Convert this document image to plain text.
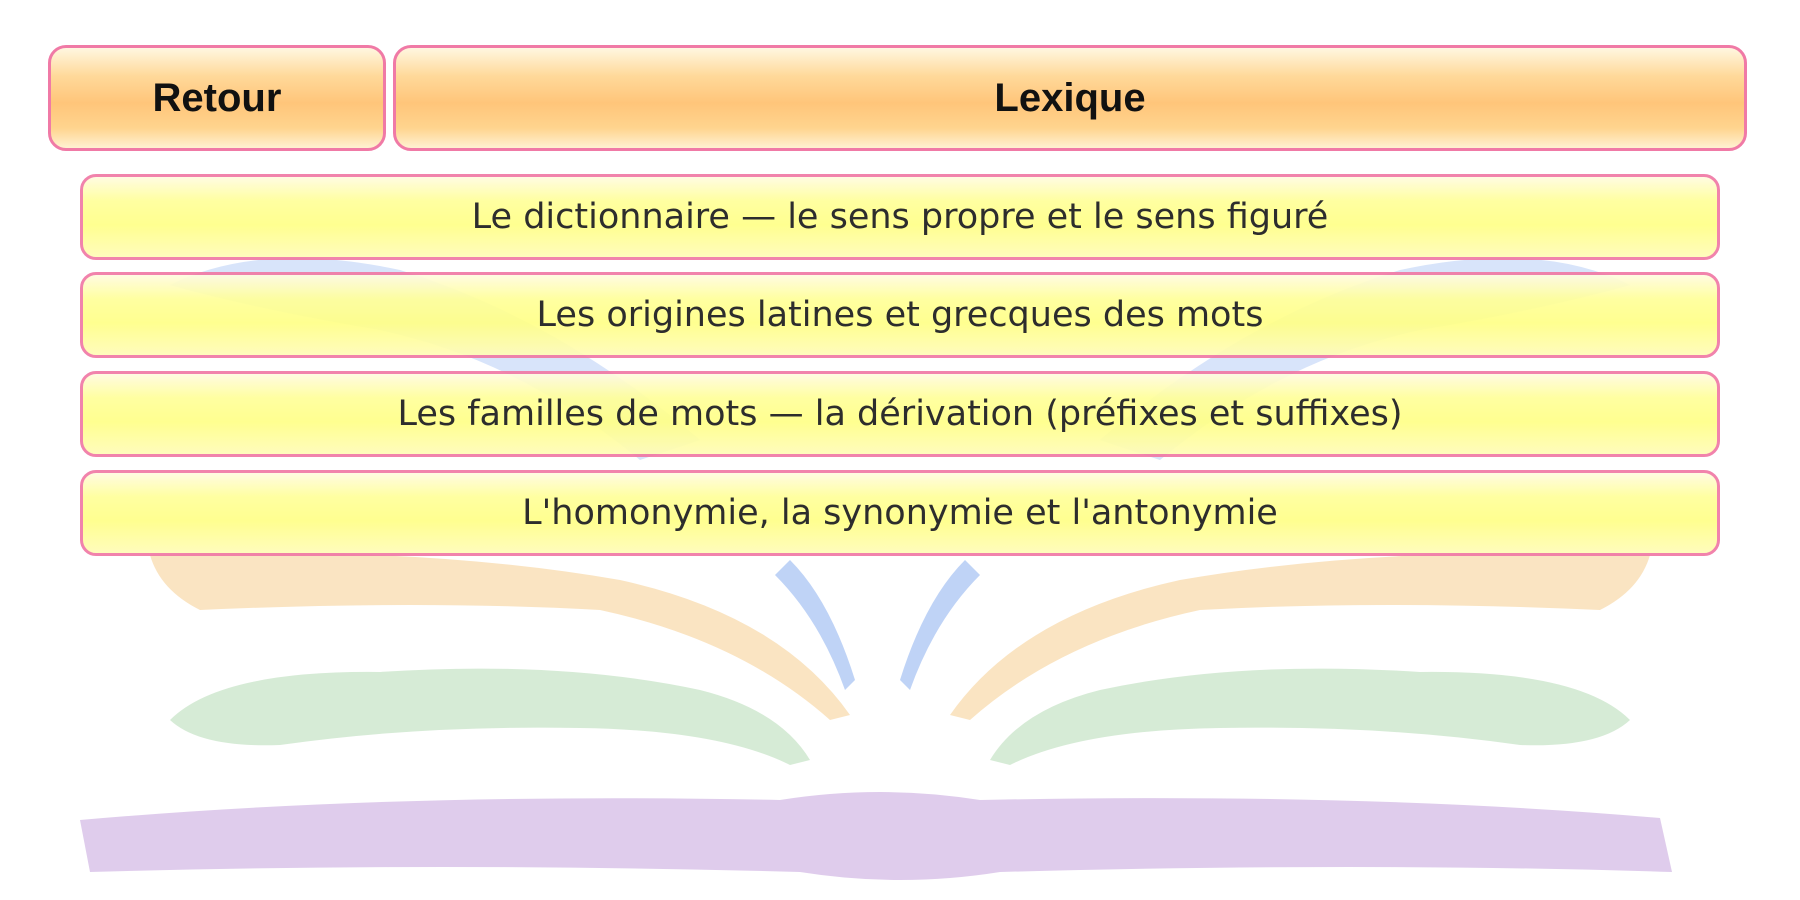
Retour	Lexique
Le dictionnaire — le sens propre et le sens figuré
Les origines latines et grecques des mots
Les familles de mots — la dérivation (préfixes et suffixes)
L'homonymie, la synonymie et l'antonymie
